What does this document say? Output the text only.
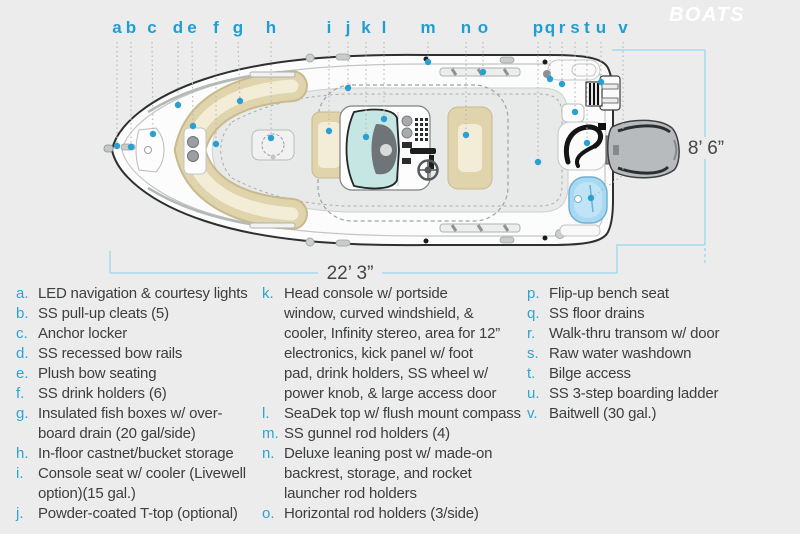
22’ 3”
8’ 6”
BOATS
a b c d e f g h	i j k l m n o	p q r s t u v
a. LED navigation & courtesy lights
b. SS pull-up cleats (5)
c. Anchor locker
d. SS recessed bow rails
e. Plush bow seating
f. SS drink holders (6)
g. Insulated fish boxes w/ over-
board drain (20 gal/side)
h. In-floor castnet/bucket storage
i. Console seat w/ cooler (Livewell
option)(15 gal.)
j. Powder-coated T-top (optional)
k. Head console w/ portside
window, curved windshield, &
cooler, Infinity stereo, area for 12”
electronics, kick panel w/ foot
pad, drink holders, SS wheel w/
power knob, & large access door
l. SeaDek top w/ flush mount compass
m. SS gunnel rod holders (4)
n. Deluxe leaning post w/ made-on
backrest, storage, and rocket
launcher rod holders
o. Horizontal rod holders (3/side)
p. Flip-up bench seat
q. SS floor drains
r. Walk-thru transom w/ door
s. Raw water washdown
t. Bilge access
u. SS 3-step boarding ladder
v. Baitwell (30 gal.)
